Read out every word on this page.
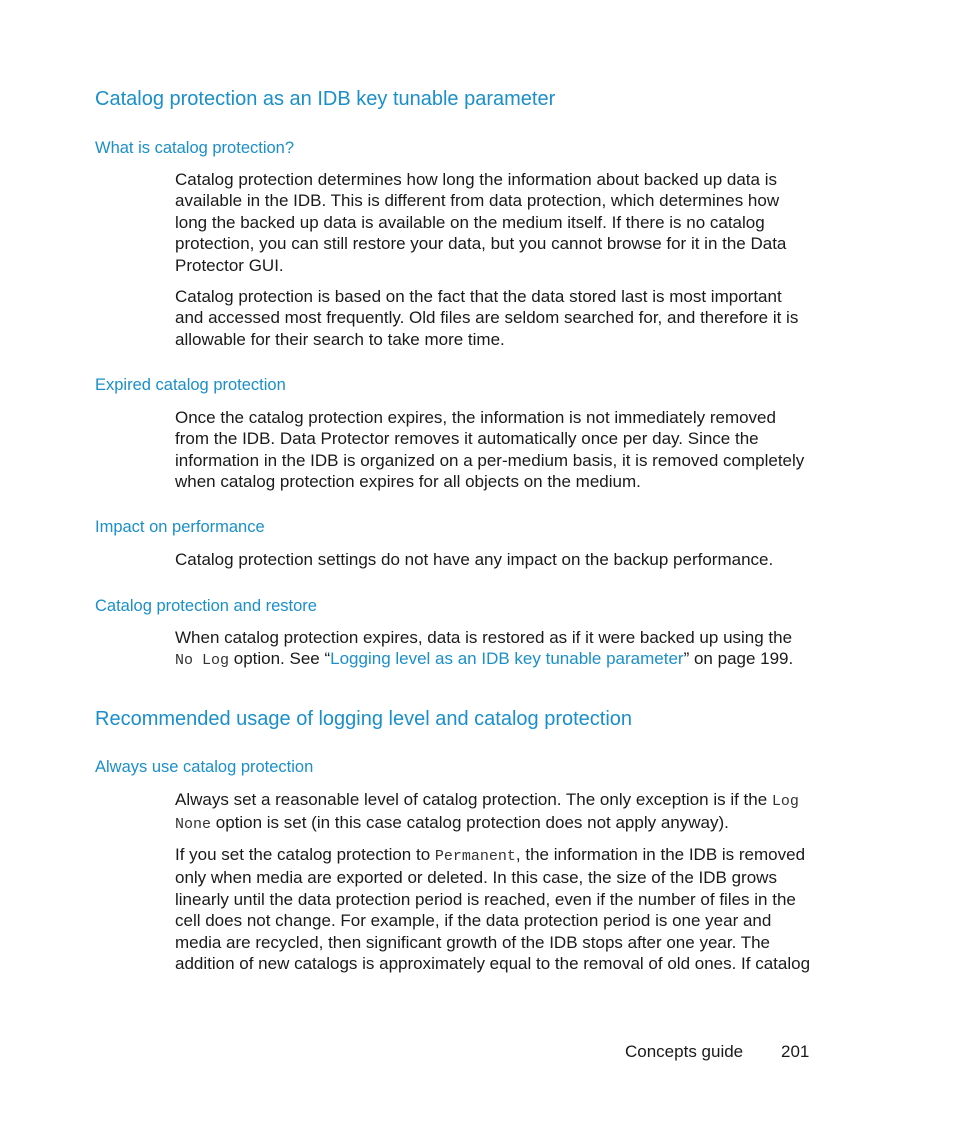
Catalog protection as an IDB key tunable parameter
What is catalog protection?

Catalog protection determines how long the information about backed up data is
available in the IDB. This is different from data protection, which determines how
long the backed up data is available on the medium itself. If there is no catalog
protection, you can still restore your data, but you cannot browse for it in the Data
Protector GUI.

Catalog protection is based on the fact that the data stored last is most important
and accessed most frequently. Old files are seldom searched for, and therefore it is
allowable for their search to take more time.

Expired catalog protection

Once the catalog protection expires, the information is not immediately removed
from the IDB. Data Protector removes it automatically once per day. Since the
information in the IDB is organized on a per-medium basis, it is removed completely
when catalog protection expires for all objects on the medium.

Impact on performance

Catalog protection settings do not have any impact on the backup performance.

Catalog protection and restore

When catalog protection expires, data is restored as if it were backed up using the
No Log option. See “Logging level as an IDB key tunable parameter” on page 199.

Recommended usage of logging level and catalog protection
Always use catalog protection

Always set a reasonable level of catalog protection. The only exception is if the Log
None option is set (in this case catalog protection does not apply anyway).

If you set the catalog protection to Permanent, the information in the IDB is removed
only when media are exported or deleted. In this case, the size of the IDB grows
linearly until the data protection period is reached, even if the number of files in the
cell does not change. For example, if the data protection period is one year and
media are recycled, then significant growth of the IDB stops after one year. The
addition of new catalogs is approximately equal to the removal of old ones. If catalog

Concepts guide 201
